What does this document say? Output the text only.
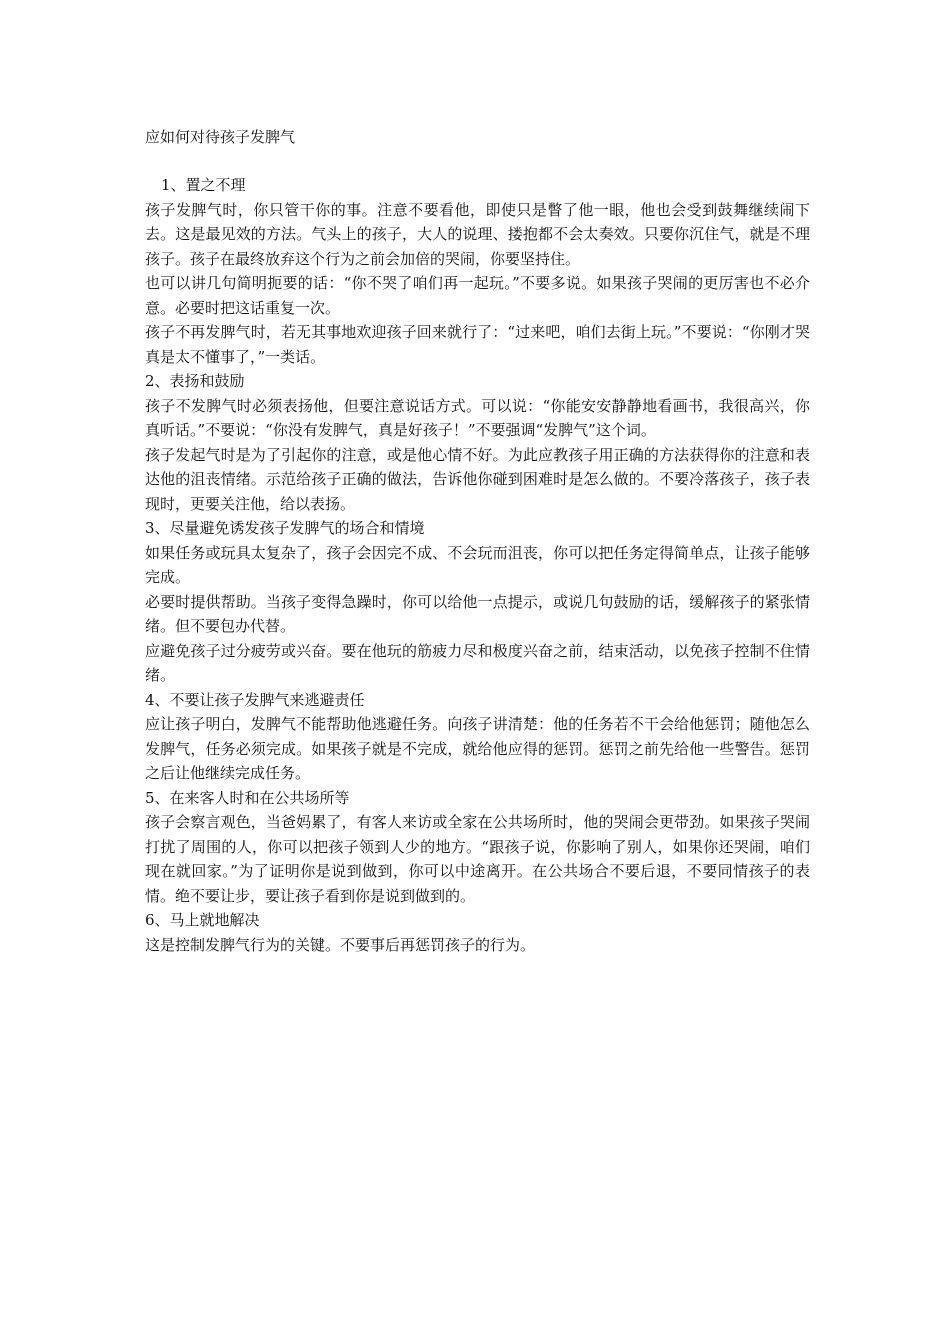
应如何对待孩子发脾气
1、置之不理

孩子发脾气时，你只管干你的事。注意不要看他，即使只是瞥了他一眼，他也会受到鼓舞继续闹下去。这是最见效的方法。气头上的孩子，大人的说理、搂抱都不会太奏效。只要你沉住气，就是不理孩子。孩子在最终放弃这个行为之前会加倍的哭闹，你要坚持住。

也可以讲几句简明扼要的话：“你不哭了咱们再一起玩。”不要多说。如果孩子哭闹的更厉害也不必介意。必要时把这话重复一次。

孩子不再发脾气时，若无其事地欢迎孩子回来就行了：“过来吧，咱们去街上玩。”不要说：“你刚才哭真是太不懂事了，”一类话。

2、表扬和鼓励

孩子不发脾气时必须表扬他，但要注意说话方式。可以说：“你能安安静静地看画书，我很高兴，你真听话。”不要说：“你没有发脾气，真是好孩子！”不要强调“发脾气”这个词。

孩子发起气时是为了引起你的注意，或是他心情不好。为此应教孩子用正确的方法获得你的注意和表达他的沮丧情绪。示范给孩子正确的做法，告诉他你碰到困难时是怎么做的。不要冷落孩子，孩子表现时，更要关注他，给以表扬。

3、尽量避免诱发孩子发脾气的场合和情境

如果任务或玩具太复杂了，孩子会因完不成、不会玩而沮丧，你可以把任务定得简单点，让孩子能够完成。

必要时提供帮助。当孩子变得急躁时，你可以给他一点提示，或说几句鼓励的话，缓解孩子的紧张情绪。但不要包办代替。

应避免孩子过分疲劳或兴奋。要在他玩的筋疲力尽和极度兴奋之前，结束活动，以免孩子控制不住情绪。

4、不要让孩子发脾气来逃避责任

应让孩子明白，发脾气不能帮助他逃避任务。向孩子讲清楚：他的任务若不干会给他惩罚；随他怎么发脾气，任务必须完成。如果孩子就是不完成，就给他应得的惩罚。惩罚之前先给他一些警告。惩罚之后让他继续完成任务。

5、在来客人时和在公共场所等

孩子会察言观色，当爸妈累了，有客人来访或全家在公共场所时，他的哭闹会更带劲。如果孩子哭闹打扰了周围的人，你可以把孩子领到人少的地方。“跟孩子说，你影响了别人，如果你还哭闹，咱们现在就回家。”为了证明你是说到做到，你可以中途离开。在公共场合不要后退，不要同情孩子的表情。绝不要让步，要让孩子看到你是说到做到的。

6、马上就地解决

这是控制发脾气行为的关键。不要事后再惩罚孩子的行为。
